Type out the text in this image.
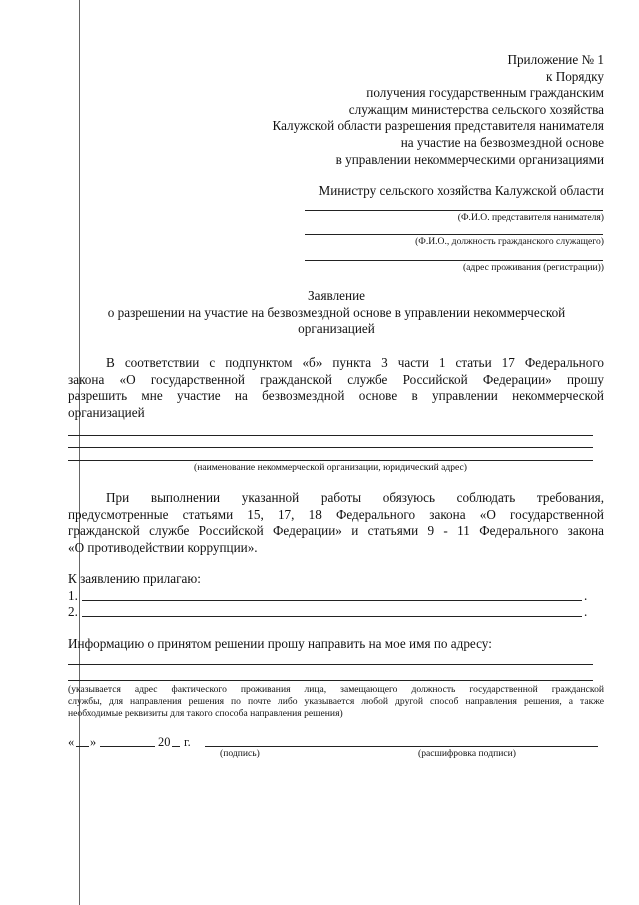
Приложение № 1
к Порядку
получения государственным гражданским
служащим министерства сельского хозяйства
Калужской области разрешения представителя нанимателя
на участие на безвозмездной основе
в управлении некоммерческими организациями
Министру сельского хозяйства Калужской области
(Ф.И.О. представителя нанимателя)
(Ф.И.О., должность гражданского служащего)
(адрес проживания (регистрации))
Заявление
о разрешении на участие на безвозмездной основе в управлении некоммерческой
организацией
В соответствии с подпунктом «б» пункта 3 части 1 статьи 17 Федерального
закона «О государственной гражданской службе Российской Федерации» прошу
разрешить мне участие на безвозмездной основе в управлении некоммерческой
организацией
(наименование некоммерческой организации, юридический адрес)
При выполнении указанной работы обязуюсь соблюдать требования,
предусмотренные статьями 15, 17, 18 Федерального закона «О государственной
гражданской службе Российской Федерации» и статьями 9 - 11 Федерального закона
«О противодействии коррупции».
К заявлению прилагаю:
1.	.
2.	.
Информацию о принятом решении прошу направить на мое имя по адресу:
(указывается адрес фактического проживания лица, замещающего должность государственной гражданской
службы, для направления решения по почте либо указывается любой другой способ направления решения, а также
необходимые реквизиты для такого способа направления решения)
« »	20 г.
(подпись)	(расшифровка подписи)
